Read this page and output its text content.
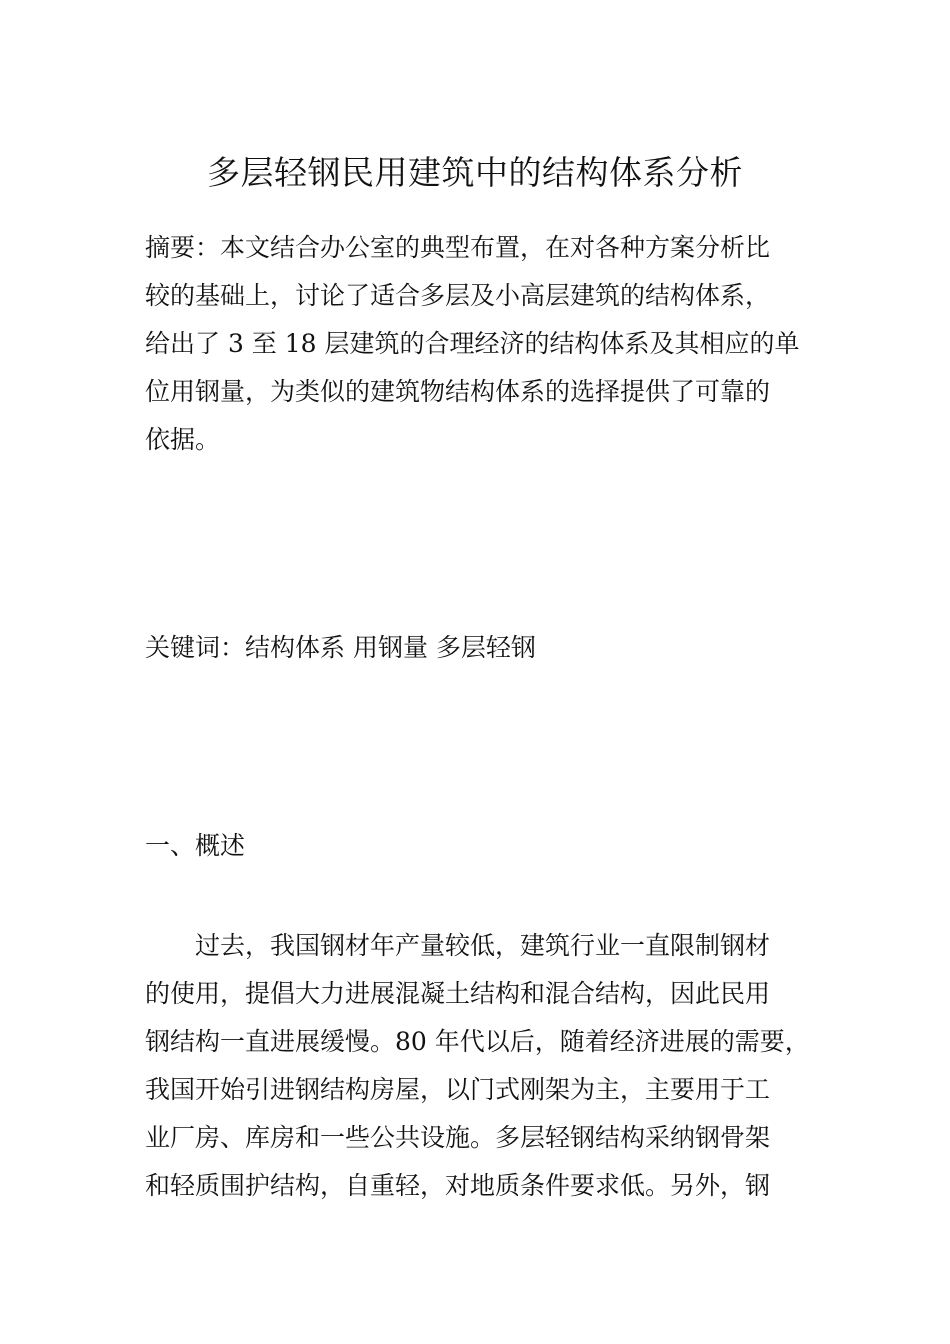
多层轻钢民用建筑中的结构体系分析
摘要：本文结合办公室的典型布置，在对各种方案分析比
较的基础上，讨论了适合多层及小高层建筑的结构体系，
给出了 3 至 18 层建筑的合理经济的结构体系及其相应的单
位用钢量，为类似的建筑物结构体系的选择提供了可靠的
依据。
关键词：结构体系 用钢量 多层轻钢
一、概述
　　过去，我国钢材年产量较低，建筑行业一直限制钢材
的使用，提倡大力进展混凝土结构和混合结构，因此民用
钢结构一直进展缓慢。80 年代以后，随着经济进展的需要，
我国开始引进钢结构房屋，以门式刚架为主，主要用于工
业厂房、库房和一些公共设施。多层轻钢结构采纳钢骨架
和轻质围护结构，自重轻，对地质条件要求低。另外，钢
